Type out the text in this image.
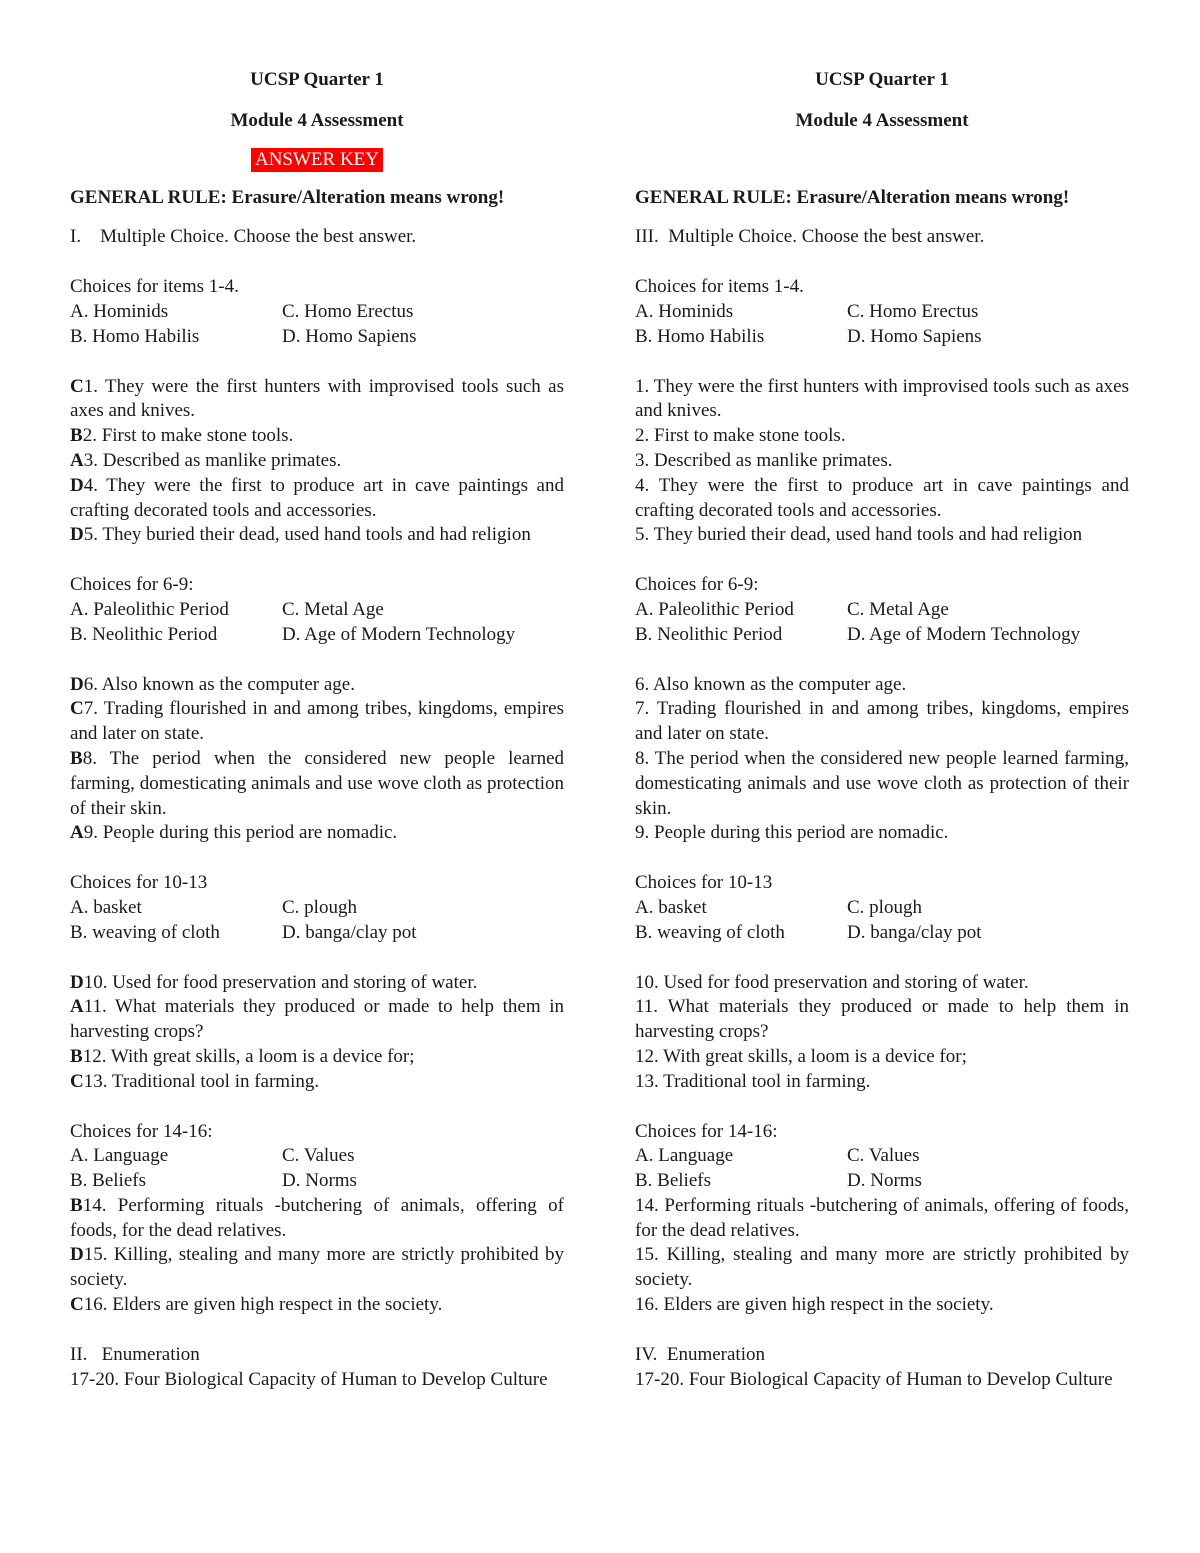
UCSP Quarter 1
Module 4 Assessment
ANSWER KEY
GENERAL RULE: Erasure/Alteration means wrong!
I.    Multiple Choice. Choose the best answer.
Choices for items 1-4.
A. Hominids	C. Homo Erectus
B. Homo Habilis	D. Homo Sapiens
C1. They were the first hunters with improvised tools such as axes and knives.
B2. First to make stone tools.
A3. Described as manlike primates.
D4. They were the first to produce art in cave paintings and crafting decorated tools and accessories.
D5. They buried their dead, used hand tools and had religion
Choices for 6-9:
A. Paleolithic Period	C. Metal Age
B. Neolithic Period	D. Age of Modern Technology
D6. Also known as the computer age.
C7. Trading flourished in and among tribes, kingdoms, empires and later on state.
B8. The period when the considered new people learned farming, domesticating animals and use wove cloth as protection of their skin.
A9. People during this period are nomadic.
Choices for 10-13
A. basket	C. plough
B. weaving of cloth	D. banga/clay pot
D10. Used for food preservation and storing of water.
A11. What materials they produced or made to help them in harvesting crops?
B12. With great skills, a loom is a device for;
C13. Traditional tool in farming.
Choices for 14-16:
A. Language	C. Values
B. Beliefs	D. Norms
B14. Performing rituals -butchering of animals, offering of foods, for the dead relatives.
D15. Killing, stealing and many more are strictly prohibited by society.
C16. Elders are given high respect in the society.
II.   Enumeration
17-20. Four Biological Capacity of Human to Develop Culture
UCSP Quarter 1
Module 4 Assessment
GENERAL RULE: Erasure/Alteration means wrong!
III.  Multiple Choice. Choose the best answer.
Choices for items 1-4.
A. Hominids	C. Homo Erectus
B. Homo Habilis	D. Homo Sapiens
1. They were the first hunters with improvised tools such as axes and knives.
2. First to make stone tools.
3. Described as manlike primates.
4. They were the first to produce art in cave paintings and crafting decorated tools and accessories.
5. They buried their dead, used hand tools and had religion
Choices for 6-9:
A. Paleolithic Period	C. Metal Age
B. Neolithic Period	D. Age of Modern Technology
6. Also known as the computer age.
7. Trading flourished in and among tribes, kingdoms, empires and later on state.
8. The period when the considered new people learned farming, domesticating animals and use wove cloth as protection of their skin.
9. People during this period are nomadic.
Choices for 10-13
A. basket	C. plough
B. weaving of cloth	D. banga/clay pot
10. Used for food preservation and storing of water.
11. What materials they produced or made to help them in harvesting crops?
12. With great skills, a loom is a device for;
13. Traditional tool in farming.
Choices for 14-16:
A. Language	C. Values
B. Beliefs	D. Norms
14. Performing rituals -butchering of animals, offering of foods, for the dead relatives.
15. Killing, stealing and many more are strictly prohibited by society.
16. Elders are given high respect in the society.
IV.  Enumeration
17-20. Four Biological Capacity of Human to Develop Culture
